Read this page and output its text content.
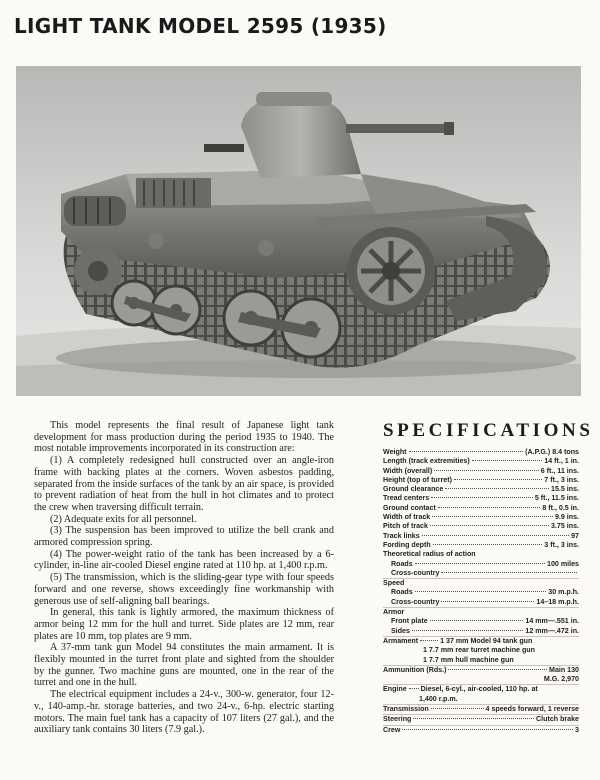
LIGHT TANK MODEL 2595 (1935)

This model represents the final result of Japanese light tank development for mass production during the period 1935 to 1940. The most notable improvements incorporated in its construction are:

(1) A completely redesigned hull constructed over an angle-iron frame with backing plates at the corners. Woven asbestos padding, separated from the inside surfaces of the tank by an air space, is provided to prevent radiation of heat from the hull in hot climates and to protect the crew when traversing difficult terrain.

(2) Adequate exits for all personnel.

(3) The suspension has been improved to utilize the bell crank and armored compression spring.

(4) The power-weight ratio of the tank has been increased by a 6-cylinder, in-line air-cooled Diesel engine rated at 110 hp. at 1,400 r.p.m.

(5) The transmission, which is the sliding-gear type with four speeds forward and one reverse, shows exceedingly fine workmanship with generous use of self-aligning ball bearings.

In general, this tank is lightly armored, the maximum thickness of armor being 12 mm for the hull and turret. Side plates are 12 mm, rear plates are 10 mm, top plates are 9 mm.

A 37-mm tank gun Model 94 constitutes the main armament. It is flexibly mounted in the turret front plate and sighted from the shoulder by the gunner. Two machine guns are mounted, one in the rear of the turret and one in the hull.

The electrical equipment includes a 24-v., 300-w. generator, four 12-v., 140-amp.-hr. storage batteries, and two 24-v., 6-hp. electric starting motors. The main fuel tank has a capacity of 107 liters (27 gal.), and the auxiliary tank contains 30 liters (7.9 gal.).

SPECIFICATIONS
Weight	(A.P.G.) 8.4 tons
Length (track extremities)	14 ft., 1 in.
Width (overall)	6 ft., 11 ins.
Height (top of turret)	7 ft., 3 ins.
Ground clearance	15.5 ins.
Tread centers	5 ft., 11.5 ins.
Ground contact	8 ft., 0.5 in.
Width of track	9.9 ins.
Pitch of track	3.75 ins.
Track links	97
Fording depth	3 ft., 3 ins.
Theoretical radius of action
Roads	100 miles
Cross-country
Speed
Roads	30 m.p.h.
Cross-country	14–18 m.p.h.
Armor
Front plate	14 mm—.551 in.
Sides	12 mm—.472 in.
Armament	1 37 mm Model 94 tank gun
1 7.7 mm rear turret machine gun
1 7.7 mm hull machine gun
Ammunition (Rds.)	Main 130
M.G. 2,970
Engine Diesel, 6-cyl., air-cooled, 110 hp. at
1,400 r.p.m.
Transmission	4 speeds forward, 1 reverse
Steering	Clutch brake
Crew	3
